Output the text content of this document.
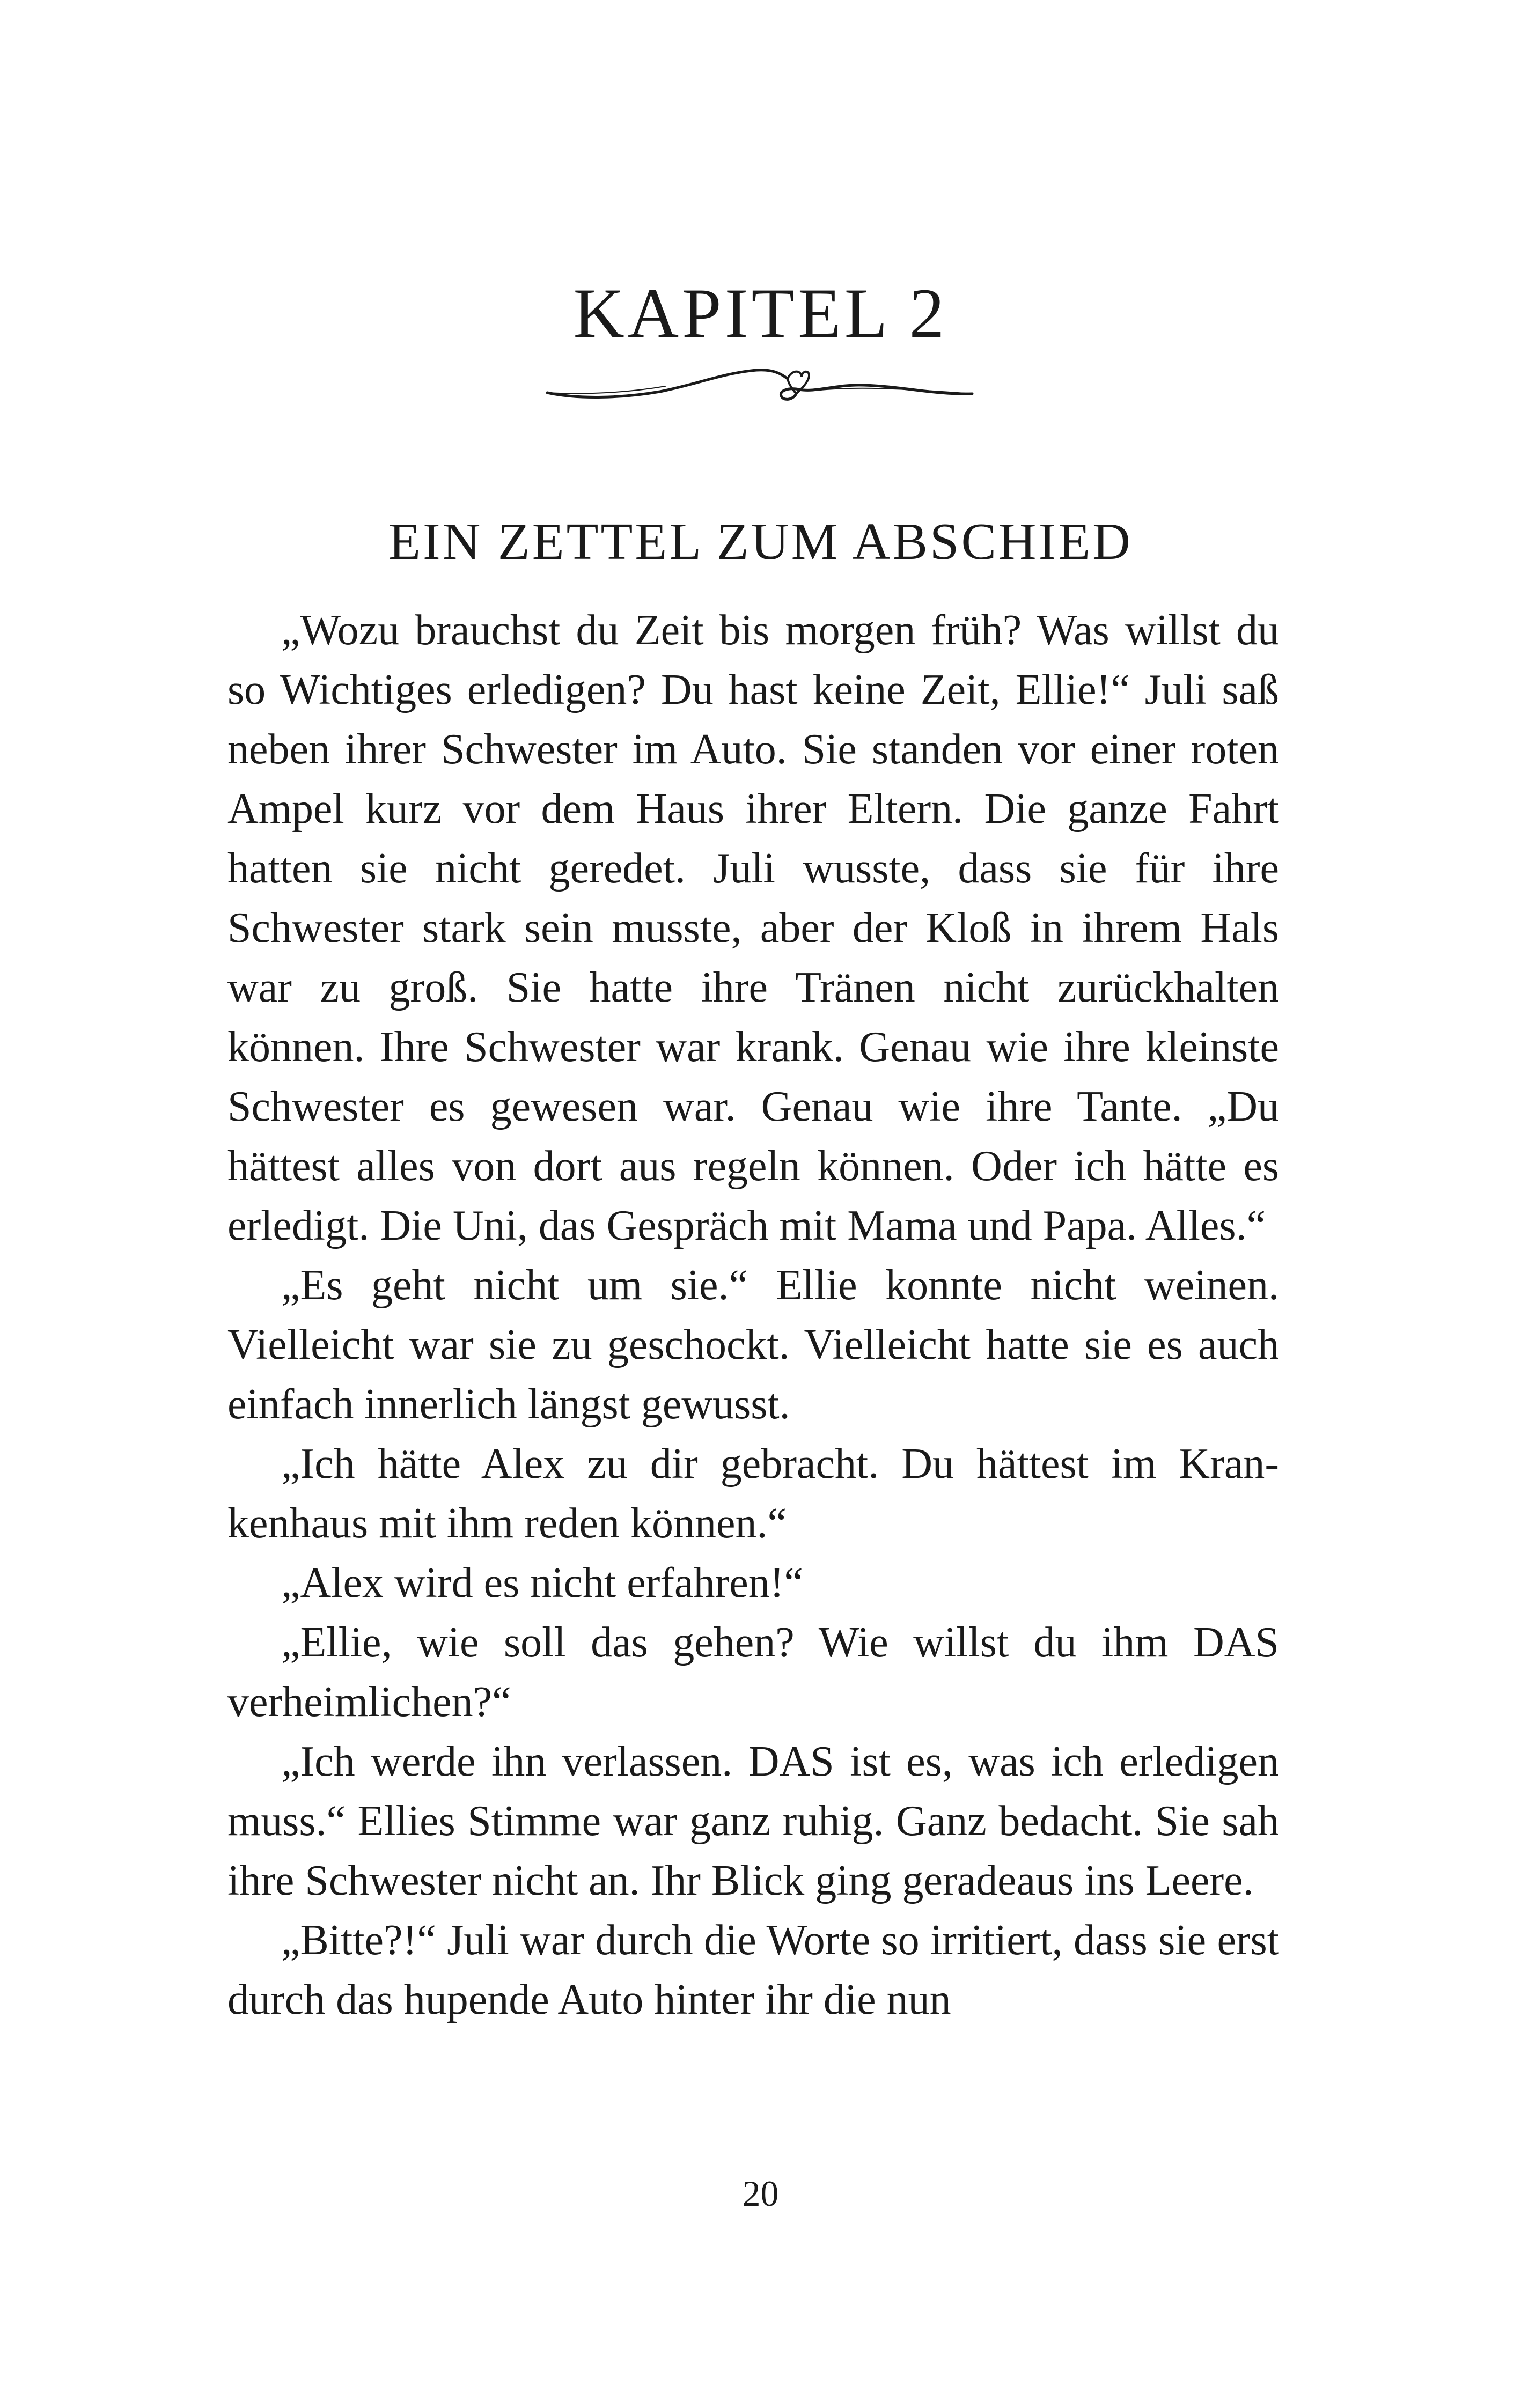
KAPITEL 2
EIN ZETTEL ZUM ABSCHIED

„Wozu brauchst du Zeit bis morgen früh? Was willst du so Wichtiges erledigen? Du hast keine Zeit, Ellie!“ Juli saß neben ihrer Schwester im Auto. Sie standen vor einer roten Ampel kurz vor dem Haus ihrer Eltern. Die ganze Fahrt hatten sie nicht geredet. Juli wusste, dass sie für ihre Schwester stark sein musste, aber der Kloß in ihrem Hals war zu groß. Sie hatte ihre Tränen nicht zurückhalten können. Ihre Schwester war krank. Genau wie ihre kleinste Schwester es gewesen war. Genau wie ihre Tante. „Du hättest alles von dort aus regeln können. Oder ich hätte es erledigt. Die Uni, das Gespräch mit Mama und Papa. Alles.“

„Es geht nicht um sie.“ Ellie konnte nicht weinen. Vielleicht war sie zu geschockt. Vielleicht hatte sie es auch einfach innerlich längst gewusst.

„Ich hätte Alex zu dir gebracht. Du hättest im Krankenhaus mit ihm reden können.“

„Alex wird es nicht erfahren!“

„Ellie, wie soll das gehen? Wie willst du ihm DAS verheimlichen?“

„Ich werde ihn verlassen. DAS ist es, was ich erledigen muss.“ Ellies Stimme war ganz ruhig. Ganz bedacht. Sie sah ihre Schwester nicht an. Ihr Blick ging geradeaus ins Leere.

„Bitte?!“ Juli war durch die Worte so irritiert, dass sie erst durch das hupende Auto hinter ihr die nun

20
